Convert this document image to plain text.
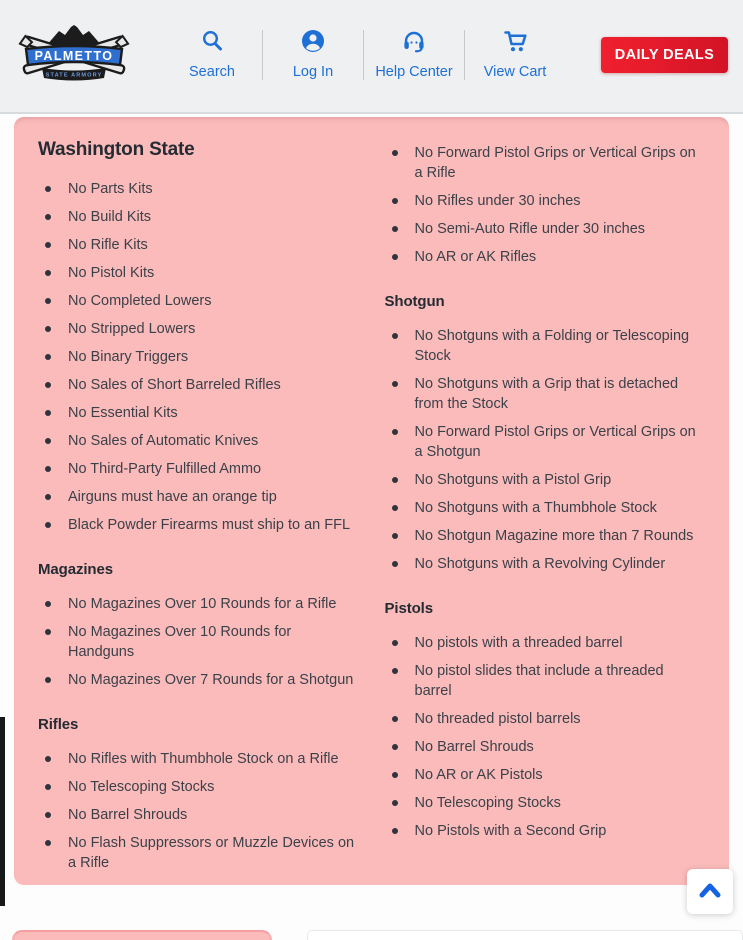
PALMETTO
STATE ARMORY	Search	Log In	Help Center View Cart
DAILY DEALS
Washington State
No Parts Kits
No Build Kits
No Rifle Kits
No Pistol Kits
No Completed Lowers
No Stripped Lowers
No Binary Triggers
No Sales of Short Barreled Rifles
No Essential Kits
No Sales of Automatic Knives
No Third-Party Fulfilled Ammo
Airguns must have an orange tip
Black Powder Firearms must ship to an FFL
Magazines
No Magazines Over 10 Rounds for a Rifle
No Magazines Over 10 Rounds for Handguns
No Magazines Over 7 Rounds for a Shotgun
Rifles
No Rifles with Thumbhole Stock on a Rifle
No Telescoping Stocks
No Barrel Shrouds
No Flash Suppressors or Muzzle Devices on a Rifle
No Forward Pistol Grips or Vertical Grips on a Rifle
No Rifles under 30 inches
No Semi-Auto Rifle under 30 inches
No AR or AK Rifles
Shotgun
No Shotguns with a Folding or Telescoping Stock
No Shotguns with a Grip that is detached from the Stock
No Forward Pistol Grips or Vertical Grips on a Shotgun
No Shotguns with a Pistol Grip
No Shotguns with a Thumbhole Stock
No Shotgun Magazine more than 7 Rounds
No Shotguns with a Revolving Cylinder
Pistols
No pistols with a threaded barrel
No pistol slides that include a threaded barrel
No threaded pistol barrels
No Barrel Shrouds
No AR or AK Pistols
No Telescoping Stocks
No Pistols with a Second Grip
